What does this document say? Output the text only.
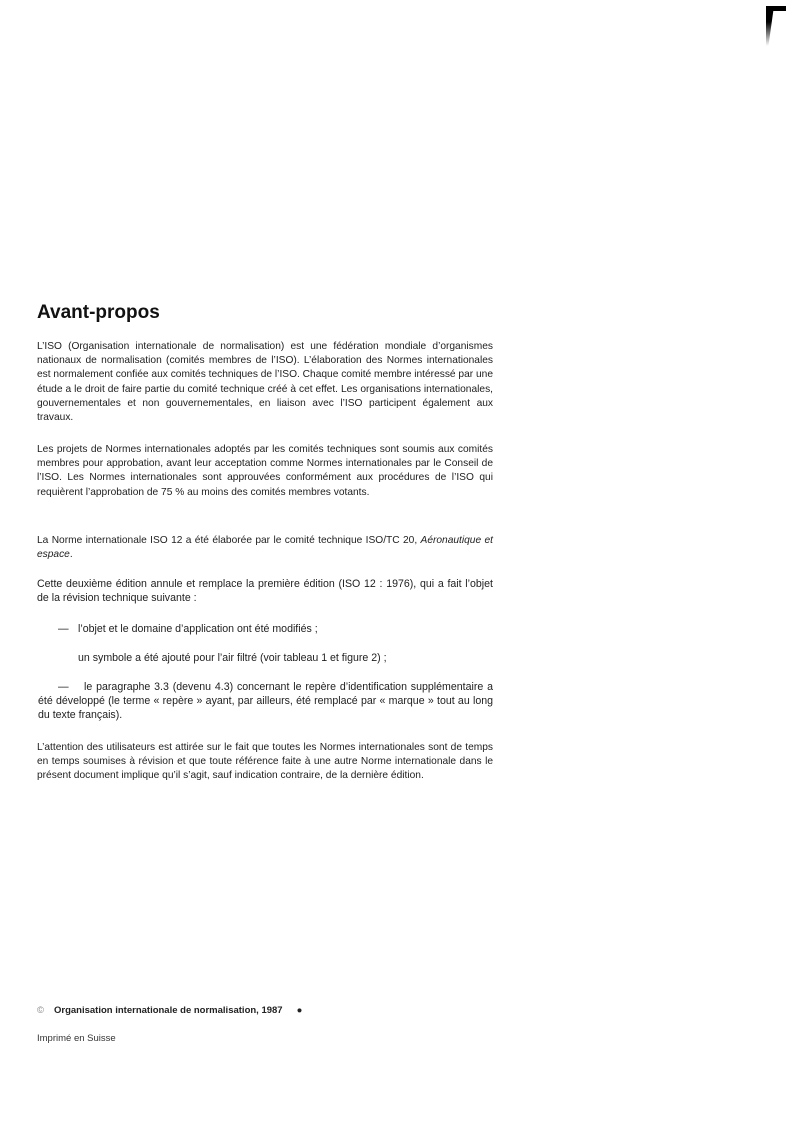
Avant-propos

L’ISO (Organisation internationale de normalisation) est une fédération mondiale d’organismes nationaux de normalisation (comités membres de l’ISO). L’élaboration des Normes internationales est normalement confiée aux comités techniques de l’ISO. Chaque comité membre intéressé par une étude a le droit de faire partie du comité technique créé à cet effet. Les organisations internationales, gouvernementales et non gouvernementales, en liaison avec l’ISO participent également aux travaux.

Les projets de Normes internationales adoptés par les comités techniques sont soumis aux comités membres pour approbation, avant leur acceptation comme Normes internationales par le Conseil de l’ISO. Les Normes internationales sont approuvées conformément aux procédures de l’ISO qui requièrent l’approbation de 75 % au moins des comités membres votants.

La Norme internationale ISO 12 a été élaborée par le comité technique ISO/TC 20, Aéronautique et espace.

Cette deuxième édition annule et remplace la première édition (ISO 12 : 1976), qui a fait l’objet de la révision technique suivante :

— l’objet et le domaine d’application ont été modifiés ;
un symbole a été ajouté pour l’air filtré (voir tableau 1 et figure 2) ;
— le paragraphe 3.3 (devenu 4.3) concernant le repère d’identification supplémentaire a été développé (le terme « repère » ayant, par ailleurs, été remplacé par « marque » tout au long du texte français).

L’attention des utilisateurs est attirée sur le fait que toutes les Normes internationales sont de temps en temps soumises à révision et que toute référence faite à une autre Norme internationale dans le présent document implique qu’il s’agit, sauf indication contraire, de la dernière édition.

© Organisation internationale de normalisation, 1987 ●
Imprimé en Suisse
